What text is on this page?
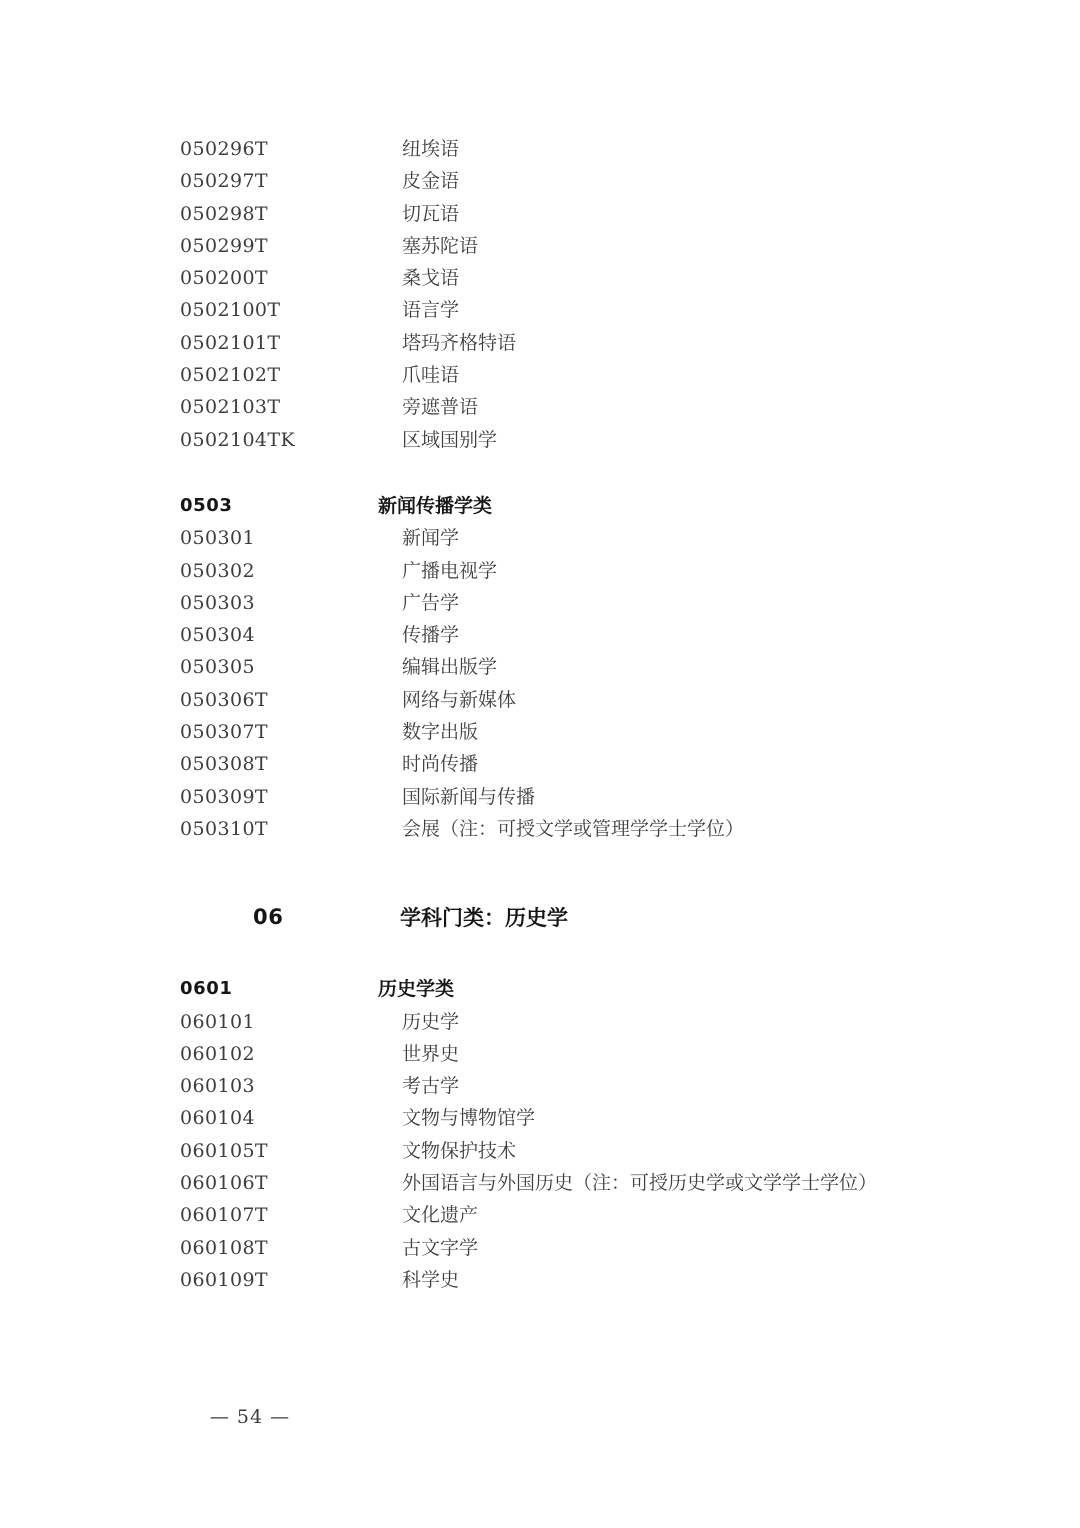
050296T	纽埃语
050297T	皮金语
050298T	切瓦语
050299T	塞苏陀语
050200T	桑戈语
0502100T	语言学
0502101T	塔玛齐格特语
0502102T	爪哇语
0502103T	旁遮普语
0502104TK	区域国别学
0503	新闻传播学类
050301	新闻学
050302	广播电视学
050303	广告学
050304	传播学
050305	编辑出版学
050306T	网络与新媒体
050307T	数字出版
050308T	时尚传播
050309T	国际新闻与传播
050310T	会展（注：可授文学或管理学学士学位）
06	学科门类：历史学
0601	历史学类
060101	历史学
060102	世界史
060103	考古学
060104	文物与博物馆学
060105T	文物保护技术
060106T	外国语言与外国历史（注：可授历史学或文学学士学位）
060107T	文化遗产
060108T	古文字学
060109T	科学史
— 54 —
